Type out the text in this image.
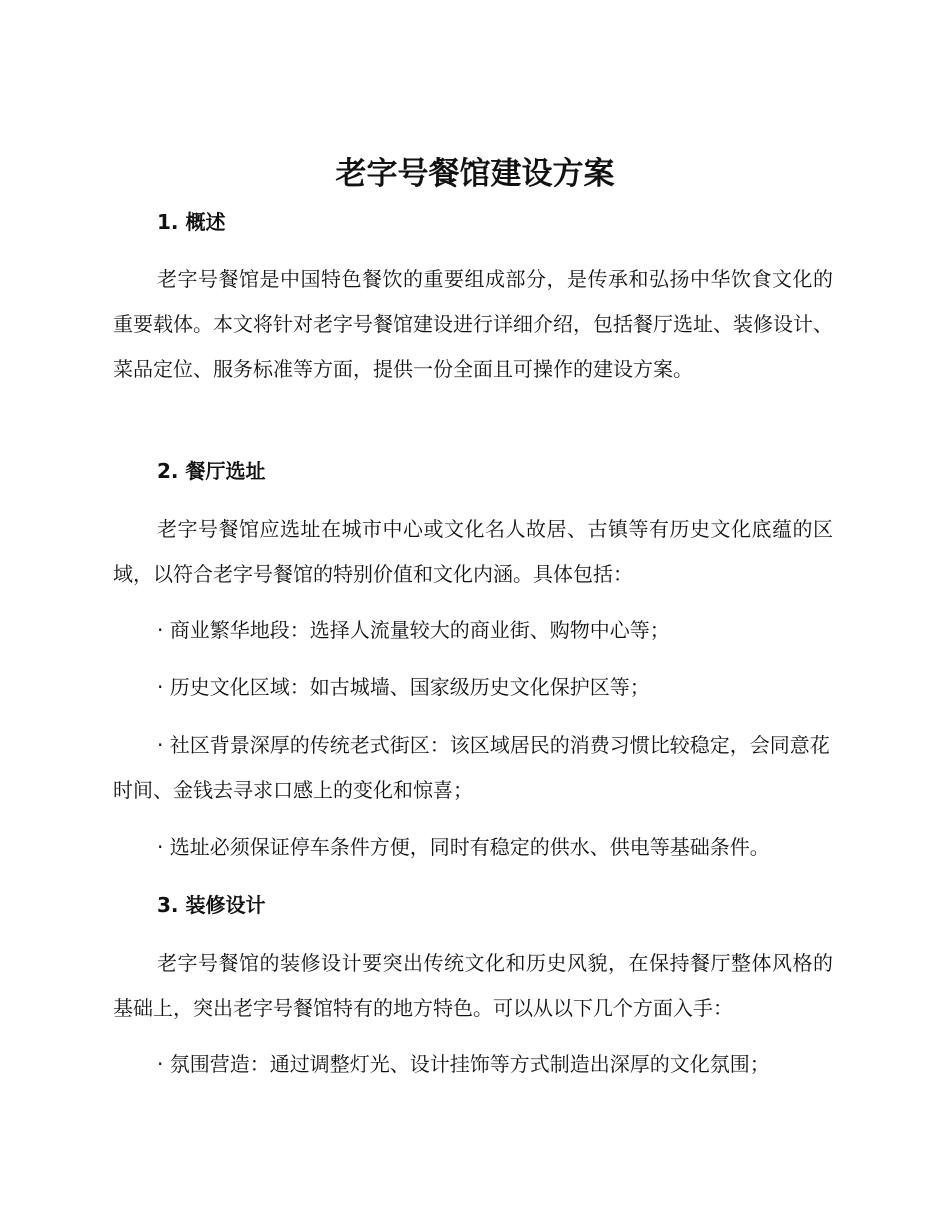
老字号餐馆建设方案
1. 概述

老字号餐馆是中国特色餐饮的重要组成部分，是传承和弘扬中华饮食文化的重要载体。本文将针对老字号餐馆建设进行详细介绍，包括餐厅选址、装修设计、菜品定位、服务标准等方面，提供一份全面且可操作的建设方案。

2. 餐厅选址

老字号餐馆应选址在城市中心或文化名人故居、古镇等有历史文化底蕴的区域，以符合老字号餐馆的特别价值和文化内涵。具体包括：

· 商业繁华地段：选择人流量较大的商业街、购物中心等；

· 历史文化区域：如古城墙、国家级历史文化保护区等；

· 社区背景深厚的传统老式街区：该区域居民的消费习惯比较稳定，会同意花时间、金钱去寻求口感上的变化和惊喜；

· 选址必须保证停车条件方便，同时有稳定的供水、供电等基础条件。

3. 装修设计

老字号餐馆的装修设计要突出传统文化和历史风貌，在保持餐厅整体风格的基础上，突出老字号餐馆特有的地方特色。可以从以下几个方面入手：

· 氛围营造：通过调整灯光、设计挂饰等方式制造出深厚的文化氛围；
